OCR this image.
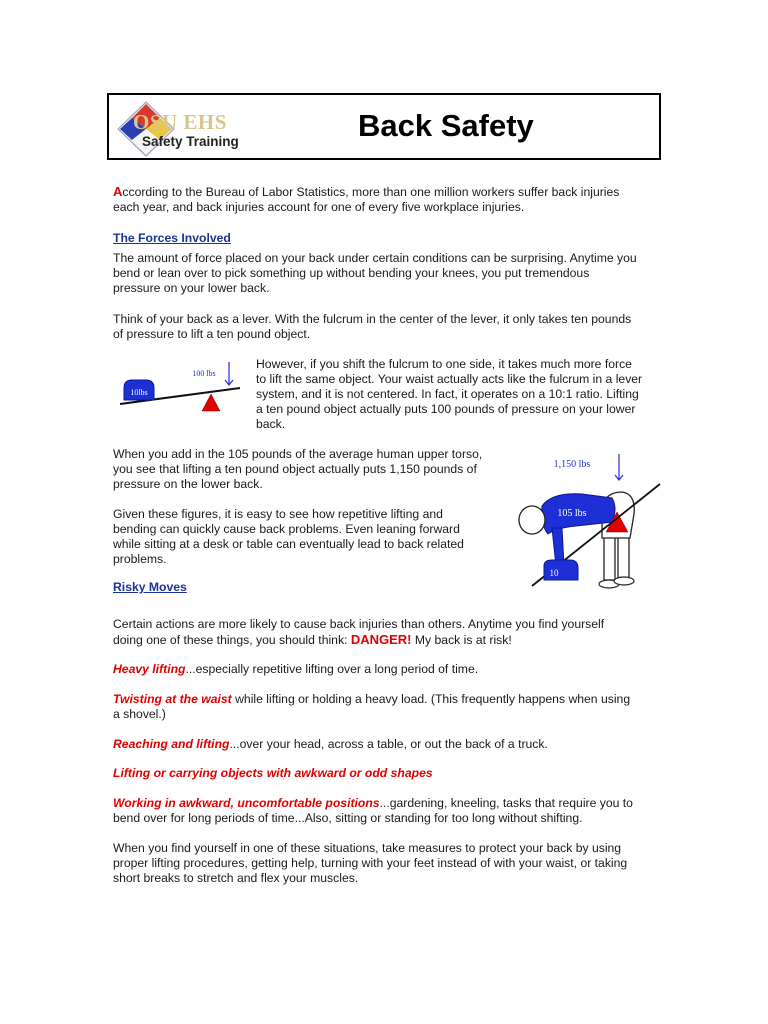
OSU EHS
Safety Training	Back Safety

According to the Bureau of Labor Statistics, more than one million workers suffer back injuries
each year, and back injuries account for one of every five workplace injuries.

The Forces Involved

The amount of force placed on your back under certain conditions can be surprising. Anytime you
bend or lean over to pick something up without bending your knees, you put tremendous
pressure on your lower back.

Think of your back as a lever. With the fulcrum in the center of the lever, it only takes ten pounds
of pressure to lift a ten pound object.

10lbs
100 lbs

However, if you shift the fulcrum to one side, it takes much more force
to lift the same object. Your waist actually acts like the fulcrum in a lever
system, and it is not centered. In fact, it operates on a 10:1 ratio. Lifting
a ten pound object actually puts 100 pounds of pressure on your lower
back.

When you add in the 105 pounds of the average human upper torso,
you see that lifting a ten pound object actually puts 1,150 pounds of
pressure on the lower back.

Given these figures, it is easy to see how repetitive lifting and
bending can quickly cause back problems. Even leaning forward
while sitting at a desk or table can eventually lead to back related
problems.

1,150 lbs
105 lbs
10

Risky Moves

Certain actions are more likely to cause back injuries than others. Anytime you find yourself
doing one of these things, you should think: DANGER! My back is at risk!

Heavy lifting...especially repetitive lifting over a long period of time.

Twisting at the waist while lifting or holding a heavy load. (This frequently happens when using
a shovel.)

Reaching and lifting...over your head, across a table, or out the back of a truck.

Lifting or carrying objects with awkward or odd shapes

Working in awkward, uncomfortable positions...gardening, kneeling, tasks that require you to
bend over for long periods of time...Also, sitting or standing for too long without shifting.

When you find yourself in one of these situations, take measures to protect your back by using
proper lifting procedures, getting help, turning with your feet instead of with your waist, or taking
short breaks to stretch and flex your muscles.
